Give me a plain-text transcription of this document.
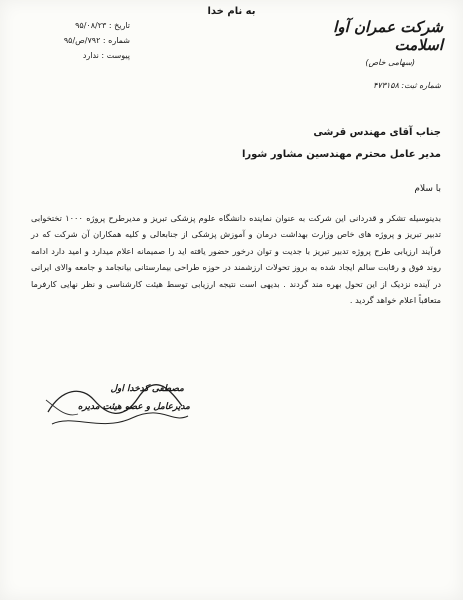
به نام خدا
شرکت عمران آوا اسلامت
(سهامی خاص)
شماره ثبت: ۴۷۳۱۵۸
تاریخ : ۹۵/۰۸/۲۳
شماره : ۷۹۲/ص/۹۵
پیوست : ندارد
جناب آقای مهندس قرشی
مدیر عامل محترم مهندسین مشاور شورا
با سلام
بدینوسیله تشکر و قدردانی این شرکت به عنوان نماینده دانشگاه علوم پزشکی تبریز و مدیرطرح پروژه ۱۰۰۰ تختخوابی تدبیر تبریز و پروژه های خاص وزارت بهداشت درمان و آموزش پزشکی از جنابعالی و کلیه همکاران آن شرکت که در فرآیند ارزیابی طرح پروژه تدبیر تبریز با جدیت و توان درخور حضور یافته اید را صمیمانه اعلام میدارد و امید دارد ادامه روند فوق و رقابت سالم ایجاد شده به بروز تحولات ارزشمند در حوزه طراحی بیمارستانی بیانجامد و جامعه والای ایرانی در آینده نزدیک از این تحول بهره مند گردند . بدیهی است نتیجه ارزیابی توسط هیئت کارشناسی و نظر نهایی کارفرما متعاقباً اعلام خواهد گردید .
مصطفی کدخدا اول
مدیرعامل و عضو هیئت مدیره
